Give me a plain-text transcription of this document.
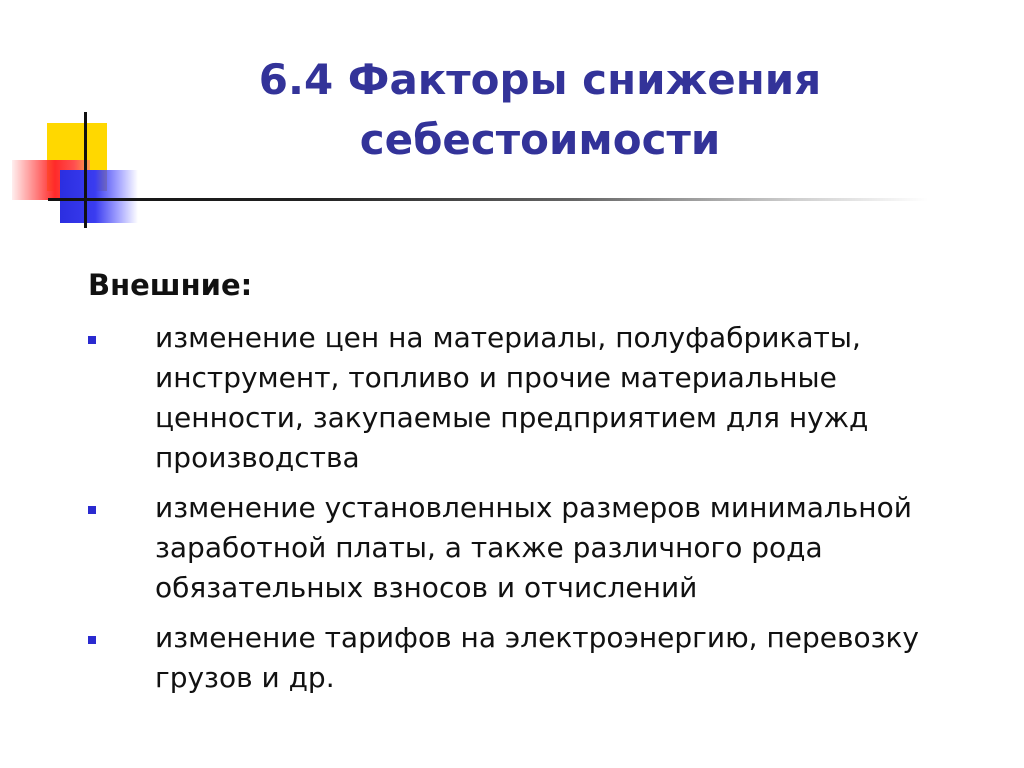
6.4 Факторы снижения себестоимости
Внешние:
изменение цен на материалы, полуфабрикаты, инструмент, топливо и прочие материальные ценности, закупаемые предприятием для нужд производства
изменение установленных размеров минимальной заработной платы, а также различного рода обязательных взносов и отчислений
изменение тарифов на электроэнергию, перевозку грузов и др.
